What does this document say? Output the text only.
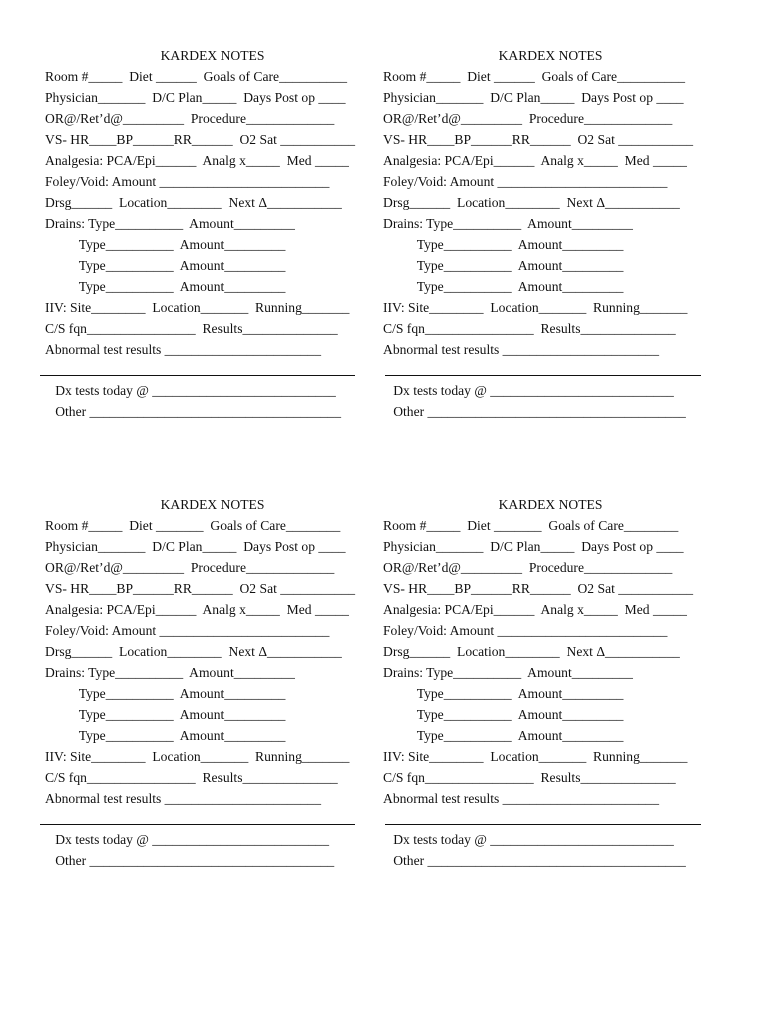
KARDEX NOTES
Room #_____  Diet ______  Goals of Care__________
Physician_______  D/C Plan_____  Days Post op ____
OR@/Ret’d@_________  Procedure_____________
VS- HR____BP______RR______  O2 Sat ___________
Analgesia: PCA/Epi______  Analg x_____  Med _____
Foley/Void: Amount _________________________
Drsg______  Location________  Next Δ___________
Drains: Type__________  Amount_________
Type__________  Amount_________
Type__________  Amount_________
Type__________  Amount_________
IIV: Site________  Location_______  Running_______
C/S fqn________________  Results______________
Abnormal test results _______________________
Dx tests today @ ___________________________
Other _____________________________________
KARDEX NOTES
Room #_____  Diet ______  Goals of Care__________
Physician_______  D/C Plan_____  Days Post op ____
OR@/Ret’d@_________  Procedure_____________
VS- HR____BP______RR______  O2 Sat ___________
Analgesia: PCA/Epi______  Analg x_____  Med _____
Foley/Void: Amount _________________________
Drsg______  Location________  Next Δ___________
Drains: Type__________  Amount_________
Type__________  Amount_________
Type__________  Amount_________
Type__________  Amount_________
IIV: Site________  Location_______  Running_______
C/S fqn________________  Results______________
Abnormal test results _______________________
Dx tests today @ ___________________________
Other ______________________________________
KARDEX NOTES
Room #_____  Diet _______  Goals of Care________
Physician_______  D/C Plan_____  Days Post op ____
OR@/Ret’d@_________  Procedure_____________
VS- HR____BP______RR______  O2 Sat ___________
Analgesia: PCA/Epi______  Analg x_____  Med _____
Foley/Void: Amount _________________________
Drsg______  Location________  Next Δ___________
Drains: Type__________  Amount_________
Type__________  Amount_________
Type__________  Amount_________
Type__________  Amount_________
IIV: Site________  Location_______  Running_______
C/S fqn________________  Results______________
Abnormal test results _______________________
Dx tests today @ __________________________
Other ____________________________________
KARDEX NOTES
Room #_____  Diet _______  Goals of Care________
Physician_______  D/C Plan_____  Days Post op ____
OR@/Ret’d@_________  Procedure_____________
VS- HR____BP______RR______  O2 Sat ___________
Analgesia: PCA/Epi______  Analg x_____  Med _____
Foley/Void: Amount _________________________
Drsg______  Location________  Next Δ___________
Drains: Type__________  Amount_________
Type__________  Amount_________
Type__________  Amount_________
Type__________  Amount_________
IIV: Site________  Location_______  Running_______
C/S fqn________________  Results______________
Abnormal test results _______________________
Dx tests today @ ___________________________
Other ______________________________________
